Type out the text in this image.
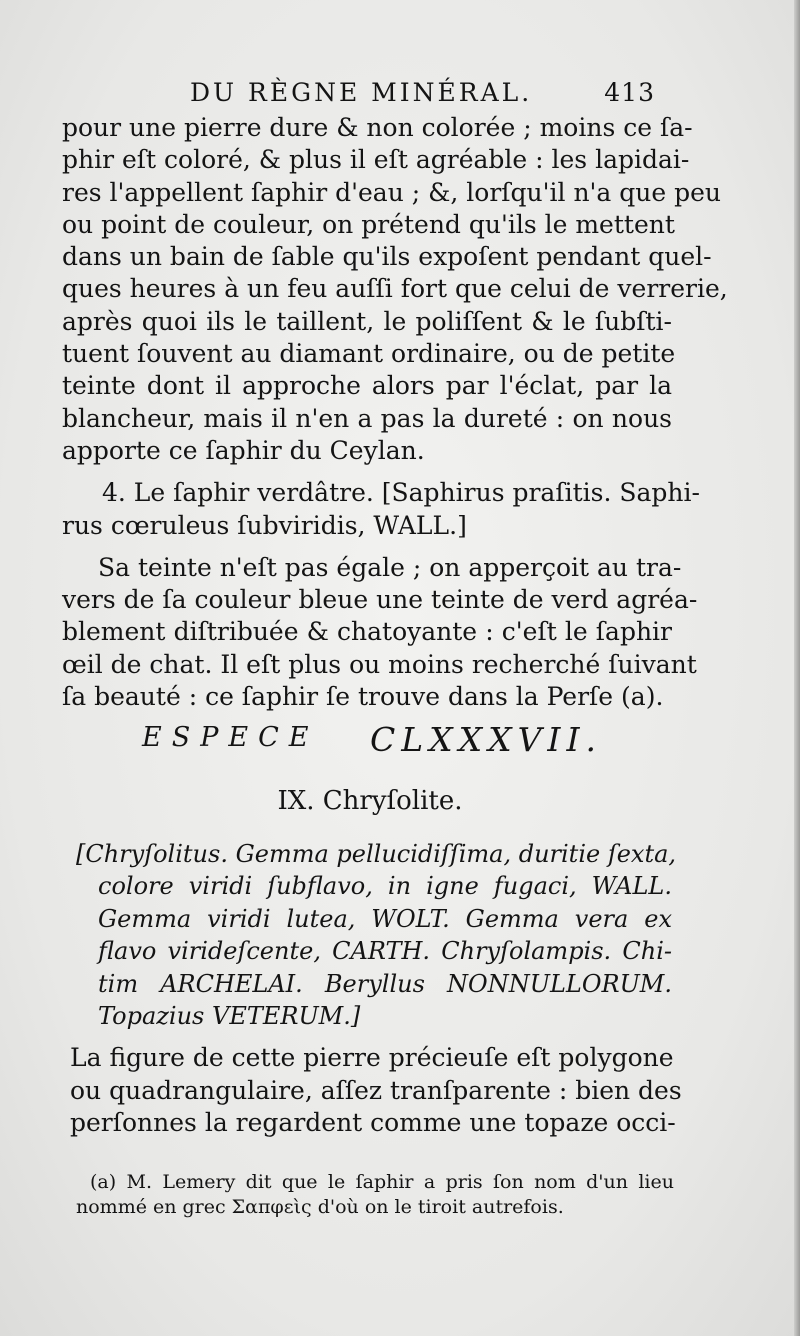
DU RÈGNE MINÉRAL.	413
pour une pierre dure & non colorée ; moins ce ſa-
phir eſt coloré, & plus il eſt agréable : les lapidai-
res l'appellent ſaphir d'eau ; &, lorſqu'il n'a que peu
ou point de couleur, on prétend qu'ils le mettent
dans un bain de ſable qu'ils expoſent pendant quel-
ques heures à un feu auſſi fort que celui de verrerie,
après quoi ils le taillent, le poliſſent & le ſubſti-
tuent ſouvent au diamant ordinaire, ou de petite
teinte dont il approche alors par l'éclat, par la
blancheur, mais il n'en a pas la dureté : on nous
apporte ce ſaphir du Ceylan.
4. Le ſaphir verdâtre. [Saphirus praſitis. Saphi-
rus cœruleus ſubviridis, WALL.]
Sa teinte n'eſt pas égale ; on apperçoit au tra-
vers de ſa couleur bleue une teinte de verd agréa-
blement diſtribuée & chatoyante : c'eſt le ſaphir
œil de chat. Il eſt plus ou moins recherché ſuivant
ſa beauté : ce ſaphir ſe trouve dans la Perſe (a).
ESPECE CLXXXVII.
IX. Chryſolite.
[Chryſolitus. Gemma pellucidiſſima, duritie ſexta,
colore viridi ſubflavo, in igne fugaci, WALL.
Gemma viridi lutea, WOLT. Gemma vera ex
flavo virideſcente, CARTH. Chryſolampis. Chi-
tim ARCHELAI. Beryllus NONNULLORUM.
Topazius VETERUM.]
La figure de cette pierre précieuſe eſt polygone
ou quadrangulaire, aſſez tranſparente : bien des
perſonnes la regardent comme une topaze occi-
(a) M. Lemery dit que le ſaphir a pris ſon nom d'un lieu
nommé en grec Σαπφεὶς d'où on le tiroit autrefois.
